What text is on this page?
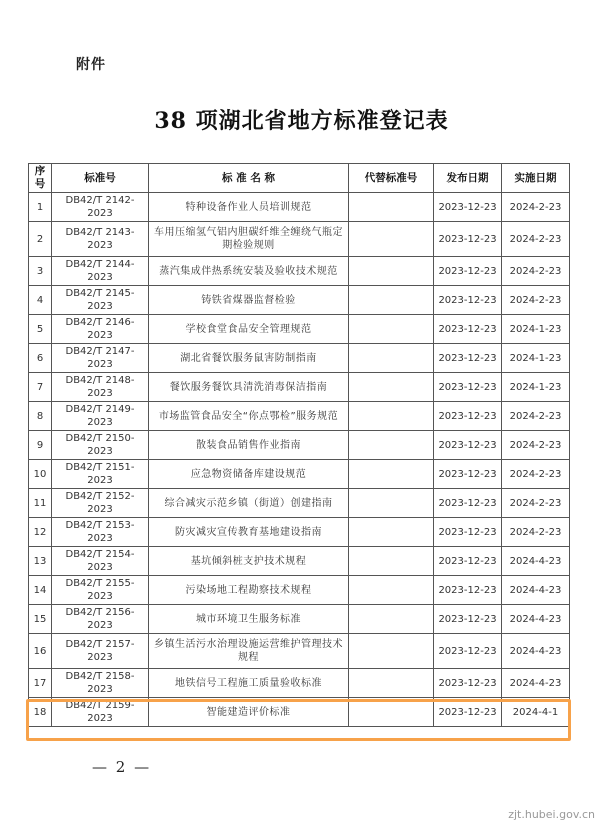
附件
38 项湖北省地方标准登记表
序号	标准号	标 准 名 称	代替标准号	发布日期	实施日期
1	DB42/T 2142-2023	特种设备作业人员培训规范		2023-12-23	2024-2-23
2	DB42/T 2143-2023	车用压缩氢气铝内胆碳纤维全缠绕气瓶定期检验规则		2023-12-23	2024-2-23
3	DB42/T 2144-2023	蒸汽集成伴热系统安装及验收技术规范		2023-12-23	2024-2-23
4	DB42/T 2145-2023	铸铁省煤器监督检验		2023-12-23	2024-2-23
5	DB42/T 2146-2023	学校食堂食品安全管理规范		2023-12-23	2024-1-23
6	DB42/T 2147-2023	湖北省餐饮服务鼠害防制指南		2023-12-23	2024-1-23
7	DB42/T 2148-2023	餐饮服务餐饮具清洗消毒保洁指南		2023-12-23	2024-1-23
8	DB42/T 2149-2023	市场监管食品安全“你点鄂检”服务规范		2023-12-23	2024-2-23
9	DB42/T 2150-2023	散装食品销售作业指南		2023-12-23	2024-2-23
10	DB42/T 2151-2023	应急物资储备库建设规范		2023-12-23	2024-2-23
11	DB42/T 2152-2023	综合减灾示范乡镇（街道）创建指南		2023-12-23	2024-2-23
12	DB42/T 2153-2023	防灾减灾宣传教育基地建设指南		2023-12-23	2024-2-23
13	DB42/T 2154-2023	基坑倾斜桩支护技术规程		2023-12-23	2024-4-23
14	DB42/T 2155-2023	污染场地工程勘察技术规程		2023-12-23	2024-4-23
15	DB42/T 2156-2023	城市环境卫生服务标准		2023-12-23	2024-4-23
16	DB42/T 2157-2023	乡镇生活污水治理设施运营维护管理技术规程		2023-12-23	2024-4-23
17	DB42/T 2158-2023	地铁信号工程施工质量验收标准		2023-12-23	2024-4-23
18	DB42/T 2159-2023	智能建造评价标准		2023-12-23	2024-4-1
— 2 —
zjt.hubei.gov.cn
